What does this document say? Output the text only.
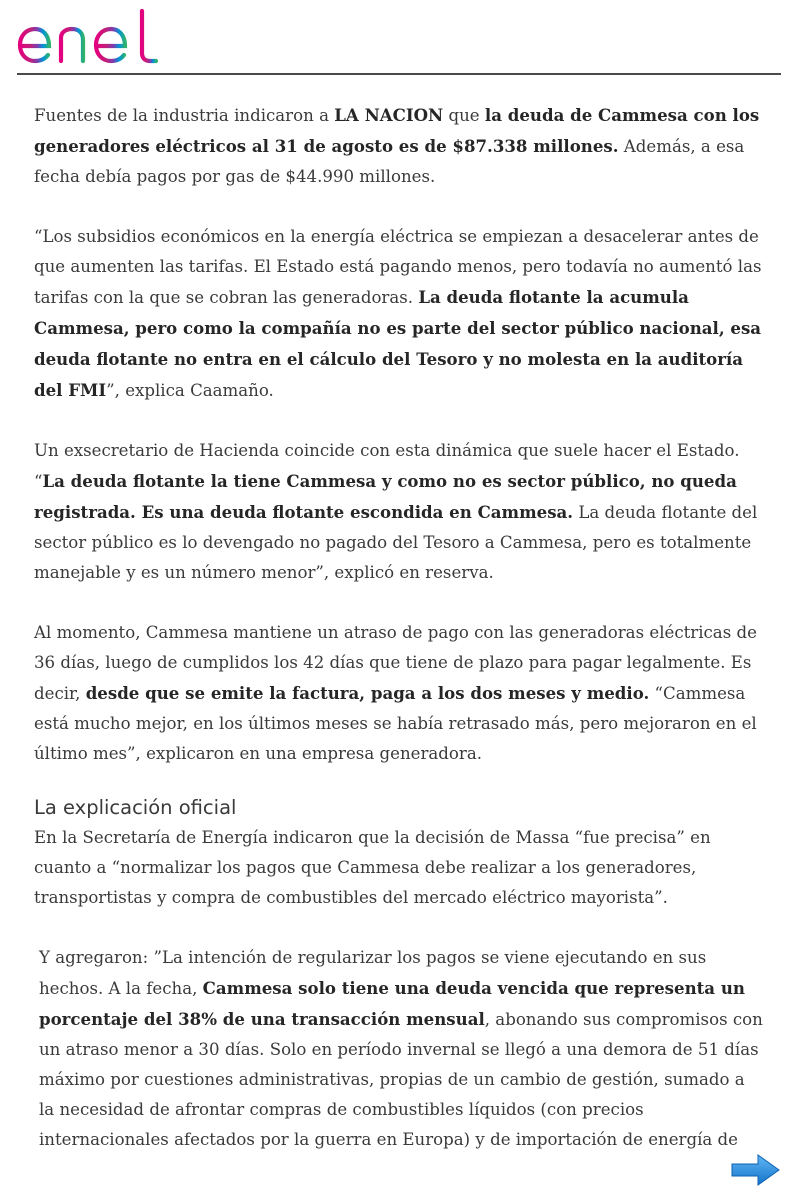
Fuentes de la industria indicaron a LA NACION que la deuda de Cammesa con los generadores eléctricos al 31 de agosto es de $87.338 millones. Además, a esa fecha debía pagos por gas de $44.990 millones.

“Los subsidios económicos en la energía eléctrica se empiezan a desacelerar antes de que aumenten las tarifas. El Estado está pagando menos, pero todavía no aumentó las tarifas con la que se cobran las generadoras. La deuda flotante la acumula Cammesa, pero como la compañía no es parte del sector público nacional, esa deuda flotante no entra en el cálculo del Tesoro y no molesta en la auditoría del FMI”, explica Caamaño.

Un exsecretario de Hacienda coincide con esta dinámica que suele hacer el Estado. “La deuda flotante la tiene Cammesa y como no es sector público, no queda registrada. Es una deuda flotante escondida en Cammesa. La deuda flotante del sector público es lo devengado no pagado del Tesoro a Cammesa, pero es totalmente manejable y es un número menor”, explicó en reserva.

Al momento, Cammesa mantiene un atraso de pago con las generadoras eléctricas de 36 días, luego de cumplidos los 42 días que tiene de plazo para pagar legalmente. Es decir, desde que se emite la factura, paga a los dos meses y medio. “Cammesa está mucho mejor, en los últimos meses se había retrasado más, pero mejoraron en el último mes”, explicaron en una empresa generadora.

La explicación oficial

En la Secretaría de Energía indicaron que la decisión de Massa “fue precisa” en cuanto a “normalizar los pagos que Cammesa debe realizar a los generadores, transportistas y compra de combustibles del mercado eléctrico mayorista”.

Y agregaron: ”La intención de regularizar los pagos se viene ejecutando en sus hechos. A la fecha, Cammesa solo tiene una deuda vencida que representa un porcentaje del 38% de una transacción mensual, abonando sus compromisos con un atraso menor a 30 días. Solo en período invernal se llegó a una demora de 51 días máximo por cuestiones administrativas, propias de un cambio de gestión, sumado a la necesidad de afrontar compras de combustibles líquidos (con precios internacionales afectados por la guerra en Europa) y de importación de energía de
